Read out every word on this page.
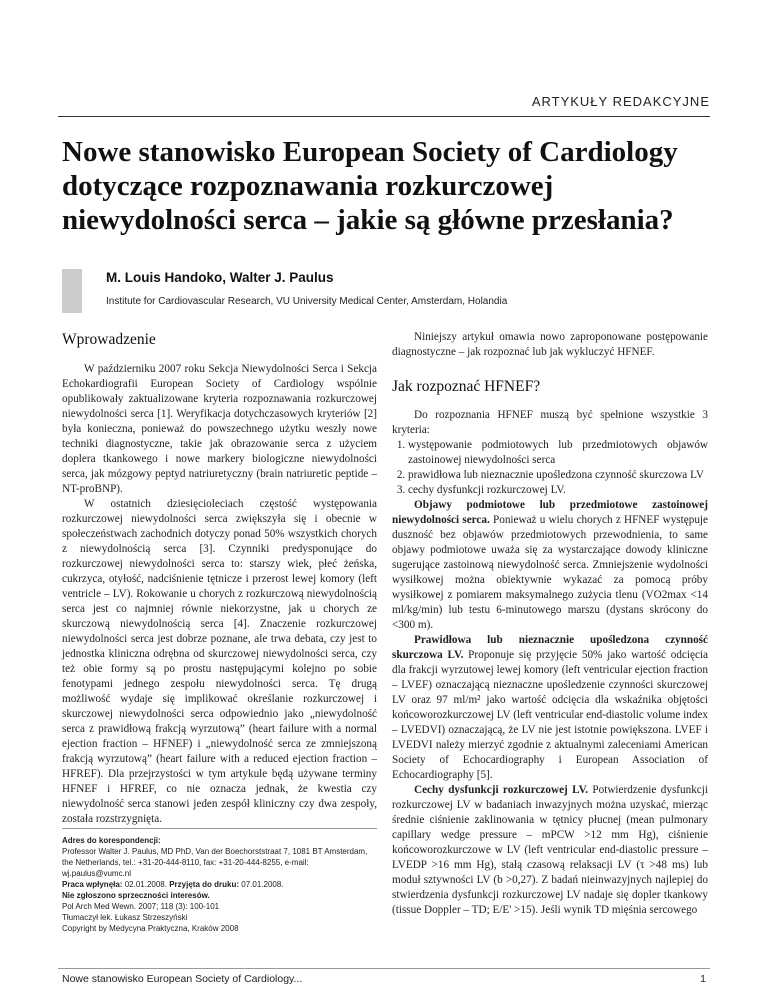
ARTYKUŁY REDAKCYJNE
Nowe stanowisko European Society of Cardiology dotyczące rozpoznawania rozkurczowej niewydolności serca – jakie są główne przesłania?
M. Louis Handoko, Walter J. Paulus
Institute for Cardiovascular Research, VU University Medical Center, Amsterdam, Holandia
Wprowadzenie

W październiku 2007 roku Sekcja Niewydolności Serca i Sekcja Echokardiografii European Society of Cardiology wspólnie opublikowały zaktualizowane kryteria rozpoznawania rozkurczowej niewydolności serca [1]. Weryfikacja dotychczasowych kryteriów [2] była konieczna, ponieważ do powszechnego użytku weszły nowe techniki diagnostyczne, takie jak obrazowanie serca z użyciem doplera tkankowego i nowe markery biologiczne niewydolności serca, jak mózgowy peptyd natriuretyczny (brain natriuretic peptide – NT-proBNP).

W ostatnich dziesięcioleciach częstość występowania rozkurczowej niewydolności serca zwiększyła się i obecnie w społeczeństwach zachodnich dotyczy ponad 50% wszystkich chorych z niewydolnością serca [3]. Czynniki predysponujące do rozkurczowej niewydolności serca to: starszy wiek, płeć żeńska, cukrzyca, otyłość, nadciśnienie tętnicze i przerost lewej komory (left ventricle – LV). Rokowanie u chorych z rozkurczową niewydolnością serca jest co najmniej równie niekorzystne, jak u chorych ze skurczową niewydolnością serca [4]. Znaczenie rozkurczowej niewydolności serca jest dobrze poznane, ale trwa debata, czy jest to jednostka kliniczna odrębna od skurczowej niewydolności serca, czy też obie formy są po prostu następującymi kolejno po sobie fenotypami jednego zespołu niewydolności serca. Tę drugą możliwość wydaje się implikować określanie rozkurczowej i skurczowej niewydolności serca odpowiednio jako „niewydolność serca z prawidłową frakcją wyrzutową” (heart failure with a normal ejection fraction – HFNEF) i „niewydolność serca ze zmniejszoną frakcją wyrzutową” (heart failure with a reduced ejection fraction – HFREF). Dla przejrzystości w tym artykule będą używane terminy HFNEF i HFREF, co nie oznacza jednak, że kwestia czy niewydolność serca stanowi jeden zespół kliniczny czy dwa zespoły, została rozstrzygnięta.

Adres do korespondencji:
Professor Walter J. Paulus, MD PhD, Van der Boechorststraat 7, 1081 BT Amsterdam, the Netherlands, tel.: +31-20-444-8110, fax: +31-20-444-8255, e-mail: wj.paulus@vumc.nl
Praca wpłynęła: 02.01.2008. Przyjęta do druku: 07.01.2008.
Nie zgłoszono sprzeczności interesów.
Pol Arch Med Wewn. 2007; 118 (3): 100-101
Tłumaczył lek. Łukasz Strzeszyński
Copyright by Medycyna Praktyczna, Kraków 2008

Niniejszy artykuł omawia nowo zaproponowane postępowanie diagnostyczne – jak rozpoznać lub jak wykluczyć HFNEF.

Jak rozpoznać HFNEF?

Do rozpoznania HFNEF muszą być spełnione wszystkie 3 kryteria:

1. występowanie podmiotowych lub przedmiotowych objawów zastoinowej niewydolności serca
2. prawidłowa lub nieznacznie upośledzona czynność skurczowa LV
3. cechy dysfunkcji rozkurczowej LV.

Objawy podmiotowe lub przedmiotowe zastoinowej niewydolności serca. Ponieważ u wielu chorych z HFNEF występuje duszność bez objawów przedmiotowych przewodnienia, to same objawy podmiotowe uważa się za wystarczające dowody kliniczne sugerujące zastoinową niewydolność serca. Zmniejszenie wydolności wysiłkowej można obiektywnie wykazać za pomocą próby wysiłkowej z pomiarem maksymalnego zużycia tlenu (VO2max <14 ml/kg/min) lub testu 6-minutowego marszu (dystans skrócony do <300 m).

Prawidłowa lub nieznacznie upośledzona czynność skurczowa LV. Proponuje się przyjęcie 50% jako wartość odcięcia dla frakcji wyrzutowej lewej komory (left ventricular ejection fraction – LVEF) oznaczającą nieznaczne upośledzenie czynności skurczowej LV oraz 97 ml/m² jako wartość odcięcia dla wskaźnika objętości końcoworozkurczowej LV (left ventricular end-diastolic volume index – LVEDVI) oznaczającą, że LV nie jest istotnie powiększona. LVEF i LVEDVI należy mierzyć zgodnie z aktualnymi zaleceniami American Society of Echocardiography i European Association of Echocardiography [5].

Cechy dysfunkcji rozkurczowej LV. Potwierdzenie dysfunkcji rozkurczowej LV w badaniach inwazyjnych można uzyskać, mierząc średnie ciśnienie zaklinowania w tętnicy płucnej (mean pulmonary capillary wedge pressure – mPCW >12 mm Hg), ciśnienie końcoworozkurczowe w LV (left ventricular end-diastolic pressure – LVEDP >16 mm Hg), stałą czasową relaksacji LV (τ >48 ms) lub moduł sztywności LV (b >0,27). Z badań nieinwazyjnych najlepiej do stwierdzenia dysfunkcji rozkurczowej LV nadaje się dopler tkankowy (tissue Doppler – TD; E/E' >15). Jeśli wynik TD mięśnia sercowego

Nowe stanowisko European Society of Cardiology...	1
